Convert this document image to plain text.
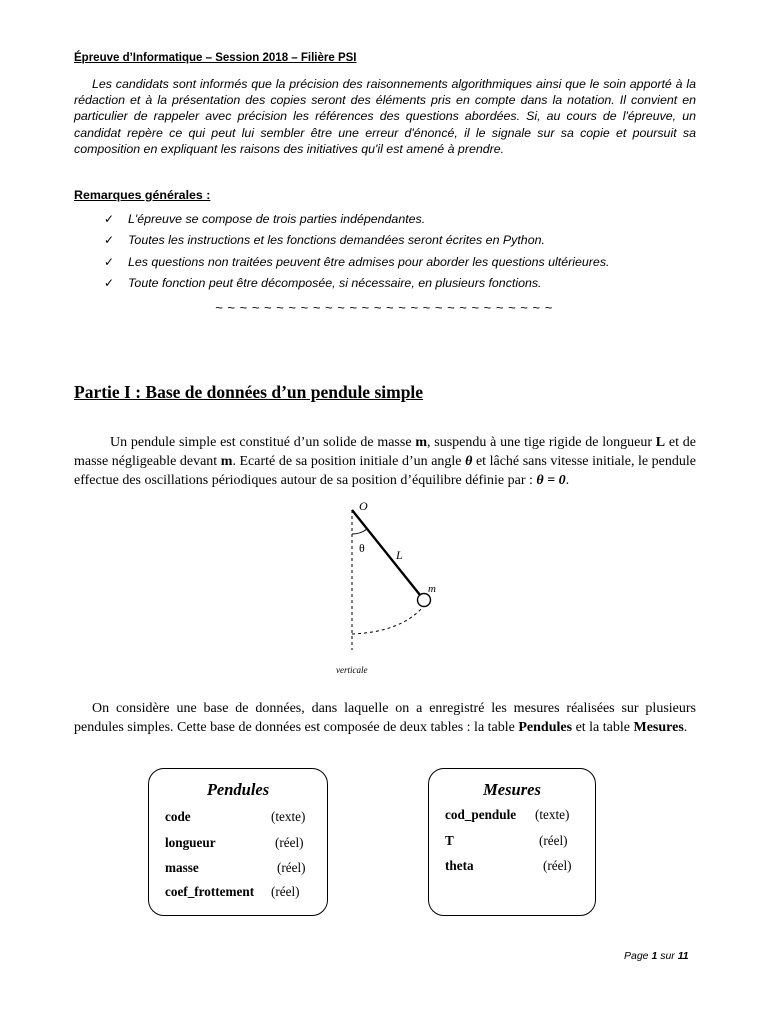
Épreuve d’Informatique – Session 2018 – Filière PSI
Les candidats sont informés que la précision des raisonnements algorithmiques ainsi que le soin apporté à la rédaction et à la présentation des copies seront des éléments pris en compte dans la notation. Il convient en particulier de rappeler avec précision les références des questions abordées. Si, au cours de l'épreuve, un candidat repère ce qui peut lui sembler être une erreur d'énoncé, il le signale sur sa copie et poursuit sa composition en expliquant les raisons des initiatives qu'il est amené à prendre.
Remarques générales :
✓ L'épreuve se compose de trois parties indépendantes.
✓ Toutes les instructions et les fonctions demandées seront écrites en Python.
✓ Les questions non traitées peuvent être admises pour aborder les questions ultérieures.
✓ Toute fonction peut être décomposée, si nécessaire, en plusieurs fonctions.
~ ~ ~ ~ ~ ~ ~ ~ ~ ~ ~ ~ ~ ~ ~ ~ ~ ~ ~ ~ ~ ~ ~ ~ ~ ~ ~ ~
Partie I : Base de données d’un pendule simple
Un pendule simple est constitué d’un solide de masse m, suspendu à une tige rigide de longueur L et de masse négligeable devant m. Ecarté de sa position initiale d’un angle θ et lâché sans vitesse initiale, le pendule effectue des oscillations périodiques autour de sa position d’équilibre définie par : θ = 0.
O
θ	L
m
verticale
On considère une base de données, dans laquelle on a enregistré les mesures réalisées sur plusieurs pendules simples. Cette base de données est composée de deux tables : la table Pendules et la table Mesures.
Pendules
code	(texte)
longueur	(réel)
masse	(réel)
coef_frottement (réel)
Mesures
cod_pendule (texte)
T	(réel)
theta	(réel)
Page 1 sur 11
